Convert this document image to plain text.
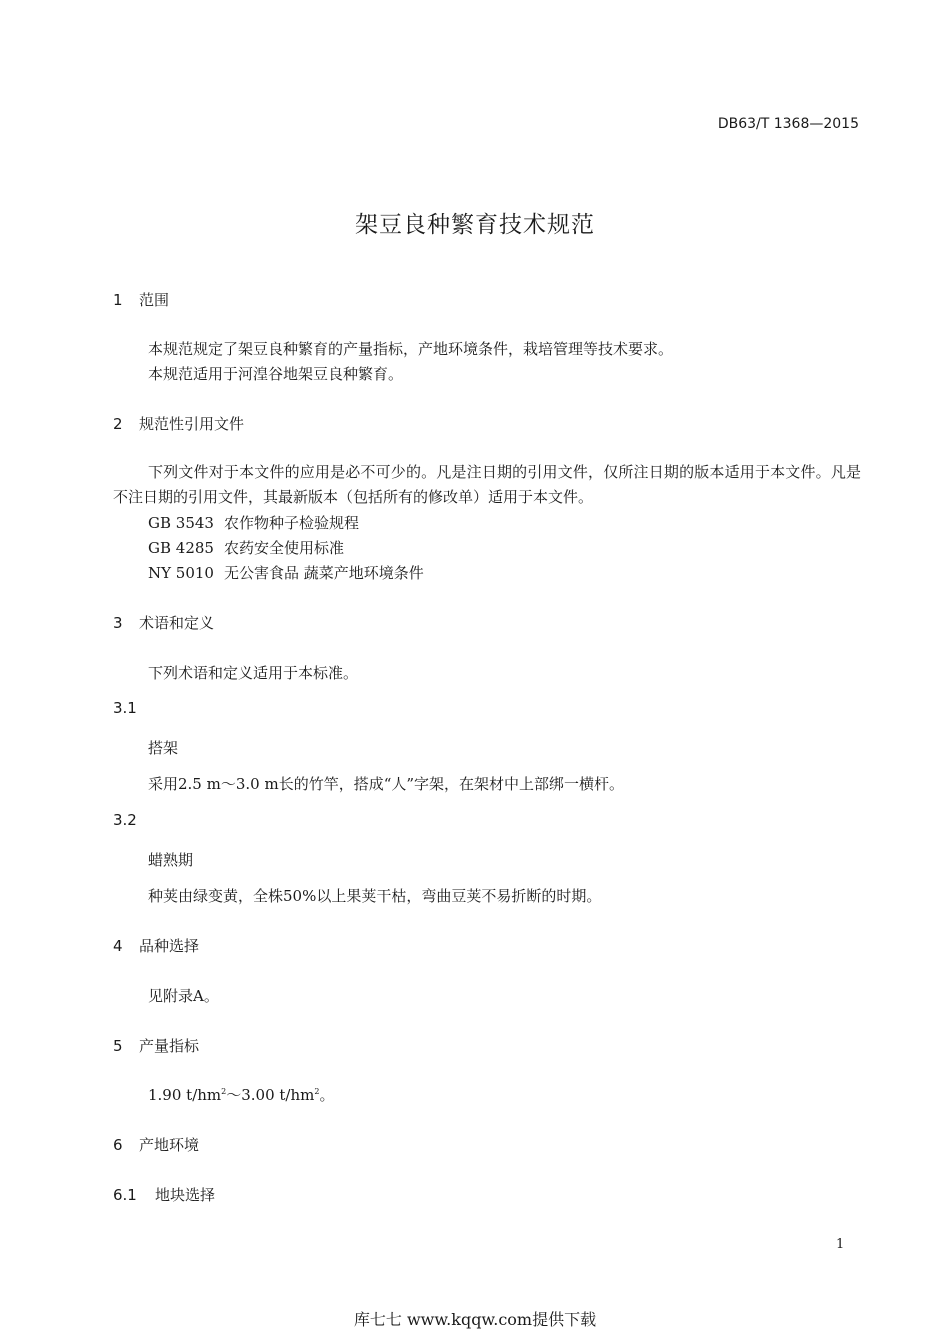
DB63/T 1368—2015
架豆良种繁育技术规范
1 范围
本规范规定了架豆良种繁育的产量指标，产地环境条件，栽培管理等技术要求。
本规范适用于河湟谷地架豆良种繁育。
2 规范性引用文件
下列文件对于本文件的应用是必不可少的。凡是注日期的引用文件，仅所注日期的版本适用于本文件。凡是不注日期的引用文件，其最新版本（包括所有的修改单）适用于本文件。
GB 3543 农作物种子检验规程
GB 4285 农药安全使用标准
NY 5010 无公害食品 蔬菜产地环境条件
3 术语和定义
下列术语和定义适用于本标准。
3.1
搭架
采用2.5 m～3.0 m长的竹竿，搭成“人”字架，在架材中上部绑一横杆。
3.2
蜡熟期
种荚由绿变黄，全株50%以上果荚干枯，弯曲豆荚不易折断的时期。
4 品种选择
见附录A。
5 产量指标
1.90 $t/hm^2\sim 3.00$ $t/hm^2$。
6 产地环境
6.1 地块选择
1
库七七 www.kqqw.com提供下载
